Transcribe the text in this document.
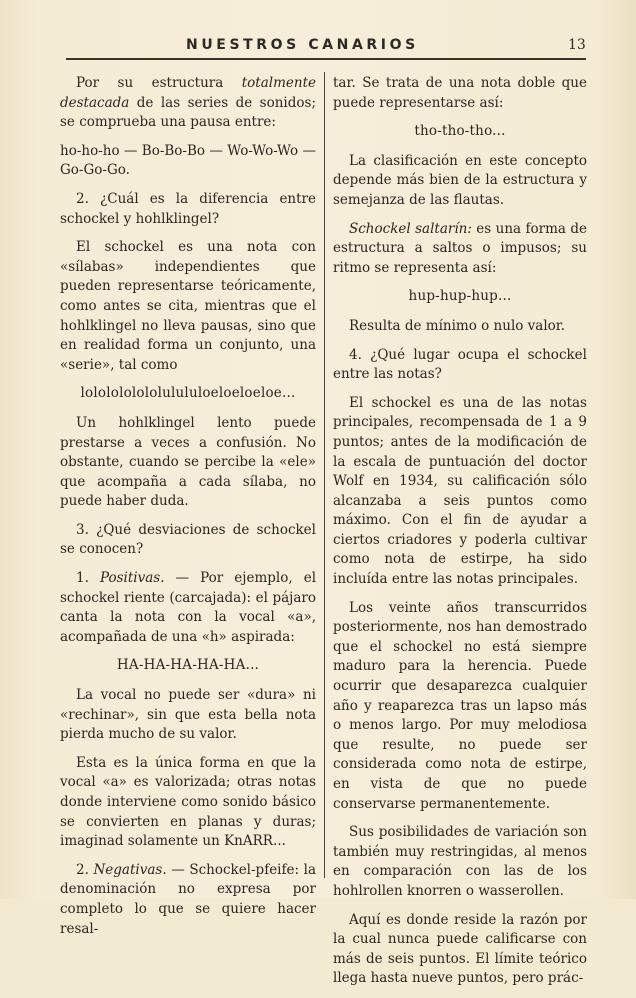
NUESTROS CANARIOS	13

Por su estructura totalmente destacada de las series de sonidos; se comprueba una pausa entre:

ho-ho-ho — Bo-Bo-Bo — Wo-Wo-Wo — Go-Go-Go.

2. ¿Cuál es la diferencia entre schockel y hohlklingel?

El schockel es una nota con «sílabas» independientes que pueden representarse teóricamente, como antes se cita, mientras que el hohlklingel no lleva pausas, sino que en realidad forma un conjunto, una «serie», tal como

lololololololulululoeloeloeloe...

Un hohlklingel lento puede prestarse a veces a confusión. No obstante, cuando se percibe la «ele» que acompaña a cada sílaba, no puede haber duda.

3. ¿Qué desviaciones de schockel se conocen?

1. Positivas. — Por ejemplo, el schockel riente (carcajada): el pájaro canta la nota con la vocal «a», acompañada de una «h» aspirada:

HA-HA-HA-HA-HA...

La vocal no puede ser «dura» ni «rechinar», sin que esta bella nota pierda mucho de su valor.

Esta es la única forma en que la vocal «a» es valorizada; otras notas donde interviene como sonido básico se convierten en planas y duras; imaginad solamente un KnARR...

2. Negativas. — Schockel-pfeife: la denominación no expresa por completo lo que se quiere hacer resal-

tar. Se trata de una nota doble que puede representarse así:

tho-tho-tho...

La clasificación en este concepto depende más bien de la estructura y semejanza de las flautas.

Schockel saltarín: es una forma de estructura a saltos o impusos; su ritmo se representa así:

hup-hup-hup...

Resulta de mínimo o nulo valor.

4. ¿Qué lugar ocupa el schockel entre las notas?

El schockel es una de las notas principales, recompensada de 1 a 9 puntos; antes de la modificación de la escala de puntuación del doctor Wolf en 1934, su calificación sólo alcanzaba a seis puntos como máximo. Con el fin de ayudar a ciertos criadores y poderla cultivar como nota de estirpe, ha sido incluída entre las notas principales.

Los veinte años transcurridos posteriormente, nos han demostrado que el schockel no está siempre maduro para la herencia. Puede ocurrir que desaparezca cualquier año y reaparezca tras un lapso más o menos largo. Por muy melodiosa que resulte, no puede ser considerada como nota de estirpe, en vista de que no puede conservarse permanentemente.

Sus posibilidades de variación son también muy restringidas, al menos en comparación con las de los hohlrollen knorren o wasserollen.

Aquí es donde reside la razón por la cual nunca puede calificarse con más de seis puntos. El límite teórico llega hasta nueve puntos, pero prác-
